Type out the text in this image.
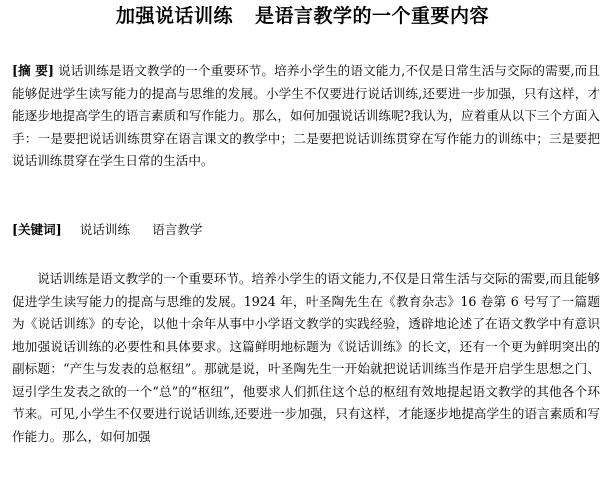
加强说话训练 是语言教学的一个重要内容

[摘 要] 说话训练是语文教学的一个重要环节。培养小学生的语文能力,不仅是日常生活与交际的需要,而且能够促进学生读写能力的提高与思维的发展。小学生不仅要进行说话训练,还要进一步加强，只有这样，才能逐步地提高学生的语言素质和写作能力。那么，如何加强说话训练呢?我认为，应着重从以下三个方面入手：一是要把说话训练贯穿在语言课文的教学中；二是要把说话训练贯穿在写作能力的训练中；三是要把说话训练贯穿在学生日常的生活中。

[关键词] 说话训练 语言教学

说话训练是语文教学的一个重要环节。培养小学生的语文能力,不仅是日常生活与交际的需要,而且能够促进学生读写能力的提高与思维的发展。1924 年，叶圣陶先生在《教育杂志》16 卷第 6 号写了一篇题为《说话训练》的专论，以他十余年从事中小学语文教学的实践经验，透辟地论述了在语文教学中有意识地加强说话训练的必要性和具体要求。这篇鲜明地标题为《说话训练》的长文，还有一个更为鲜明突出的副标题：“产生与发表的总枢纽”。那就是说，叶圣陶先生一开始就把说话训练当作是开启学生思想之门、逗引学生发表之欲的一个“总”的“枢纽”，他要求人们抓住这个总的枢纽有效地提起语文教学的其他各个环节来。可见,小学生不仅要进行说话训练,还要进一步加强，只有这样，才能逐步地提高学生的语言素质和写作能力。那么，如何加强
